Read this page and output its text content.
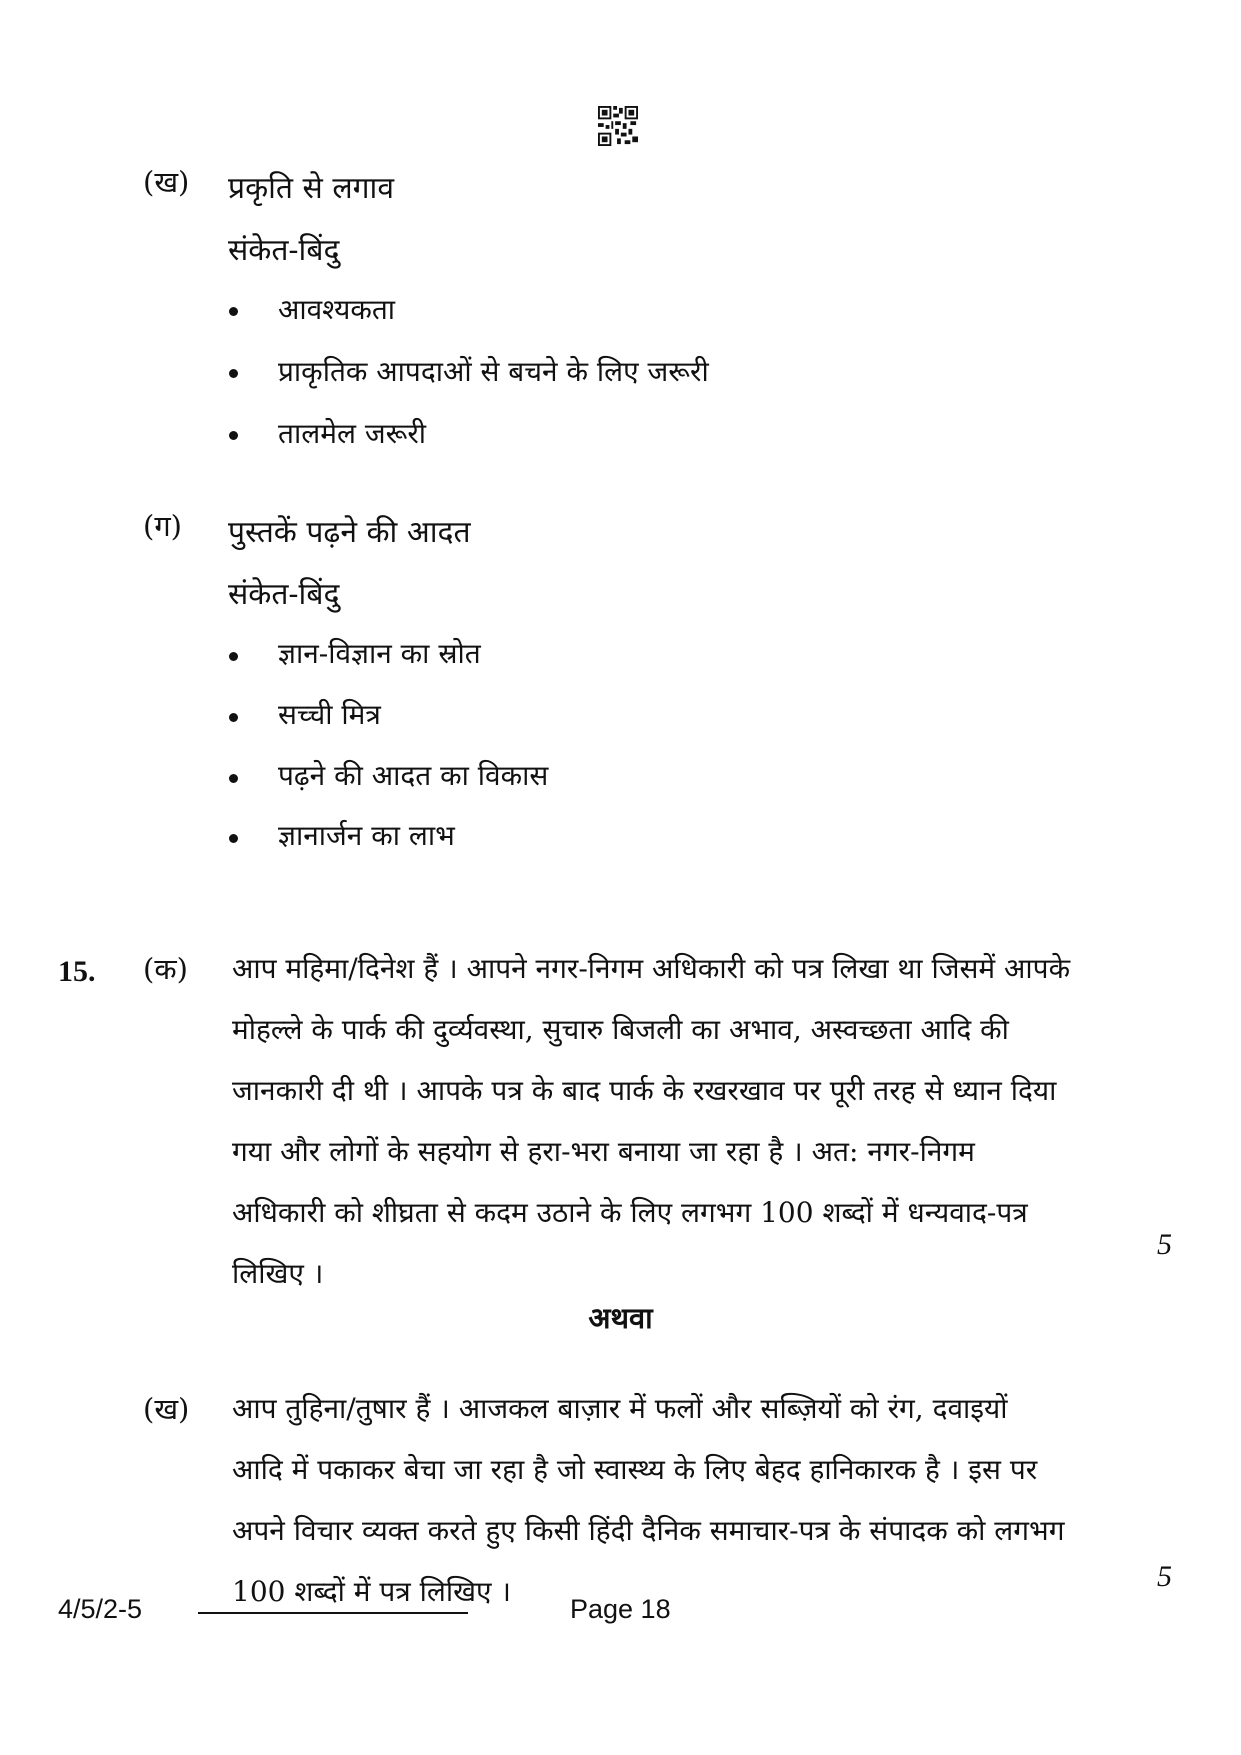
(ख) प्रकृति से लगाव
संकेत-बिंदु
आवश्यकता
प्राकृतिक आपदाओं से बचने के लिए जरूरी
तालमेल जरूरी
(ग) पुस्तकें पढ़ने की आदत
संकेत-बिंदु
ज्ञान-विज्ञान का स्रोत
सच्ची मित्र
पढ़ने की आदत का विकास
ज्ञानार्जन का लाभ
15. (क) आप महिमा/दिनेश हैं । आपने नगर-निगम अधिकारी को पत्र लिखा था जिसमें आपके
मोहल्ले के पार्क की दुर्व्यवस्था, सुचारु बिजली का अभाव, अस्वच्छता आदि की
जानकारी दी थी । आपके पत्र के बाद पार्क के रखरखाव पर पूरी तरह से ध्यान दिया
गया और लोगों के सहयोग से हरा-भरा बनाया जा रहा है । अत: नगर-निगम
अधिकारी को शीघ्रता से कदम उठाने के लिए लगभग 100 शब्दों में धन्यवाद-पत्र
लिखिए ।
5
अथवा
(ख) आप तुहिना/तुषार हैं । आजकल बाज़ार में फलों और सब्ज़ियों को रंग, दवाइयों
आदि में पकाकर बेचा जा रहा है जो स्वास्थ्य के लिए बेहद हानिकारक है । इस पर
अपने विचार व्यक्त करते हुए किसी हिंदी दैनिक समाचार-पत्र के संपादक को लगभग
100 शब्दों में पत्र लिखिए ।	5
4/5/2-5	Page 18
